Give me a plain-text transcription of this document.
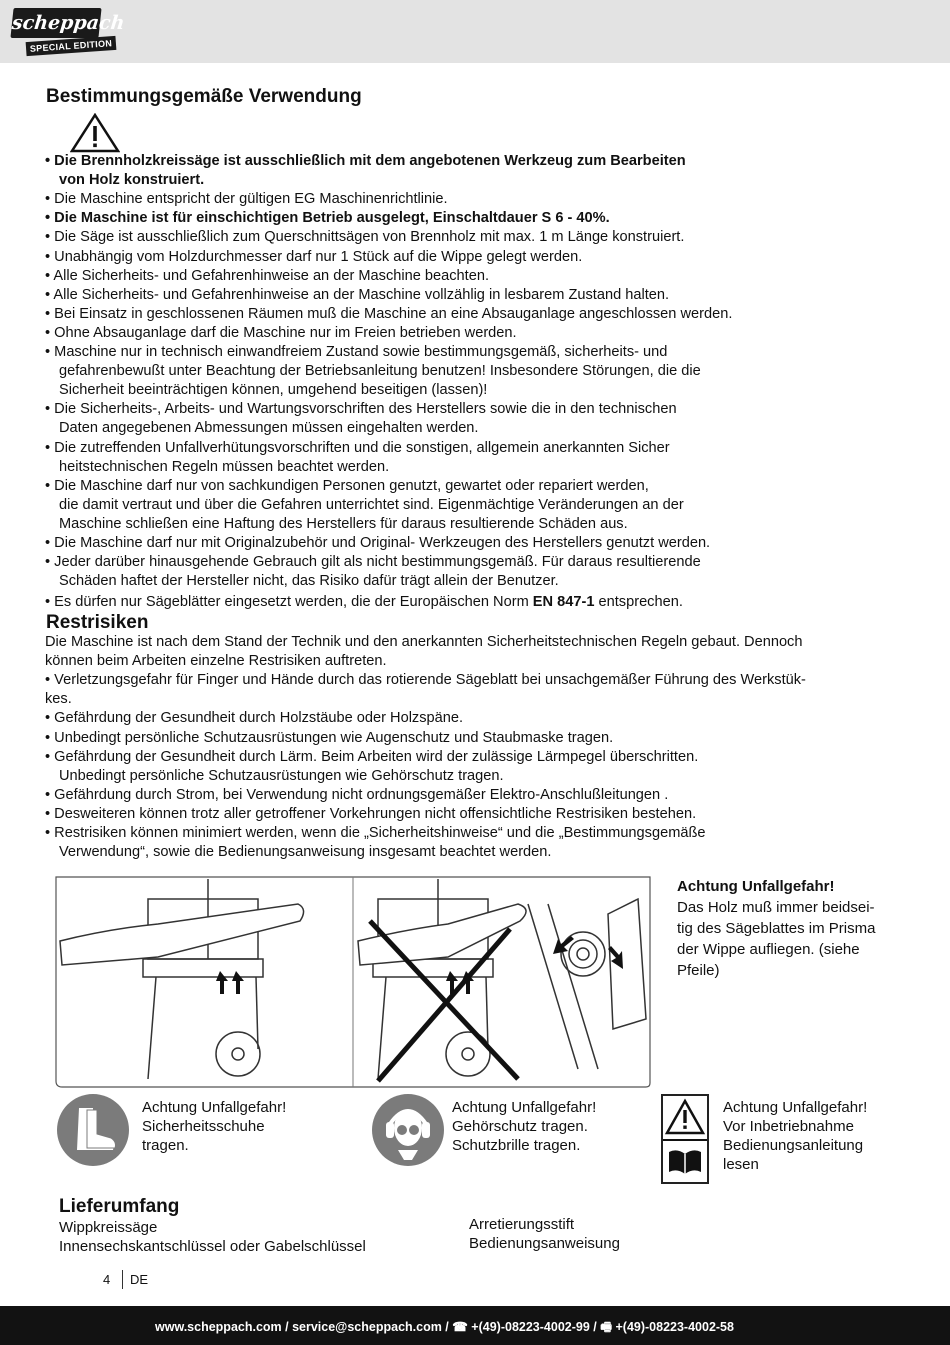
scheppach
SPECIAL EDITION
Bestimmungsgemäße Verwendung
• Die Brennholzkreissäge ist ausschließlich mit dem angebotenen Werkzeug zum Bearbeiten
von Holz konstruiert.
• Die Maschine entspricht der gültigen EG Maschinenrichtlinie.
• Die Maschine ist für einschichtigen Betrieb ausgelegt, Einschaltdauer S 6 - 40%.
• Die Säge ist ausschließlich zum Querschnittsägen von Brennholz mit max. 1 m Länge konstruiert.
• Unabhängig vom Holzdurchmesser darf nur 1 Stück auf die Wippe gelegt werden.
• Alle Sicherheits- und Gefahrenhinweise an der Maschine beachten.
• Alle Sicherheits- und Gefahrenhinweise an der Maschine vollzählig in lesbarem Zustand halten.
• Bei Einsatz in geschlossenen Räumen muß die Maschine an eine Absauganlage angeschlossen werden.
• Ohne Absauganlage darf die Maschine nur im Freien betrieben werden.
• Maschine nur in technisch einwandfreiem Zustand sowie bestimmungsgemäß, sicherheits- und
gefahrenbewußt unter Beachtung der Betriebsanleitung benutzen! Insbesondere Störungen, die die
Sicherheit beeinträchtigen können, umgehend beseitigen (lassen)!
• Die Sicherheits-, Arbeits- und Wartungsvorschriften des Herstellers sowie die in den technischen
Daten angegebenen Abmessungen müssen eingehalten werden.
• Die zutreffenden Unfallverhütungsvorschriften und die sonstigen, allgemein anerkannten Sicher
heitstechnischen Regeln müssen beachtet werden.
• Die Maschine darf nur von sachkundigen Personen genutzt, gewartet oder repariert werden,
die damit vertraut und über die Gefahren unterrichtet sind. Eigenmächtige Veränderungen an der
Maschine schließen eine Haftung des Herstellers für daraus resultierende Schäden aus.
• Die Maschine darf nur mit Originalzubehör und Original- Werkzeugen des Herstellers genutzt werden.
• Jeder darüber hinausgehende Gebrauch gilt als nicht bestimmungsgemäß. Für daraus resultierende
Schäden haftet der Hersteller nicht, das Risiko dafür trägt allein der Benutzer.
• Es dürfen nur Sägeblätter eingesetzt werden, die der Europäischen Norm EN 847-1 entsprechen.
Restrisiken
Die Maschine ist nach dem Stand der Technik und den anerkannten Sicherheitstechnischen Regeln gebaut. Dennoch
können beim Arbeiten einzelne Restrisiken auftreten.
• Verletzungsgefahr für Finger und Hände durch das rotierende Sägeblatt bei unsachgemäßer Führung des Werkstük-
kes.
• Gefährdung der Gesundheit durch Holzstäube oder Holzspäne.
• Unbedingt persönliche Schutzausrüstungen wie Augenschutz und Staubmaske tragen.
• Gefährdung der Gesundheit durch Lärm. Beim Arbeiten wird der zulässige Lärmpegel überschritten.
Unbedingt persönliche Schutzausrüstungen wie Gehörschutz tragen.
• Gefährdung durch Strom, bei Verwendung nicht ordnungsgemäßer Elektro-Anschlußleitungen .
• Desweiteren können trotz aller getroffener Vorkehrungen nicht offensichtliche Restrisiken bestehen.
• Restrisiken können minimiert werden, wenn die „Sicherheitshinweise“ und die „Bestimmungsgemäße
Verwendung“, sowie die Bedienungsanweisung insgesamt beachtet werden.
Achtung Unfallgefahr!
Das Holz muß immer beidsei-
tig des Sägeblattes im Prisma
der Wippe aufliegen. (siehe
Pfeile)
Achtung Unfallgefahr!
Sicherheitsschuhe
tragen.
Achtung Unfallgefahr!
Gehörschutz tragen.
Schutzbrille tragen.
Achtung Unfallgefahr!
Vor Inbetriebnahme
Bedienungsanleitung
lesen
Lieferumfang
Wippkreissäge
Innensechskantschlüssel oder Gabelschlüssel
Arretierungsstift
Bedienungsanweisung
4 DE
www.scheppach.com / service@scheppach.com / ☎ +(49)-08223-4002-99 / 🖷 +(49)-08223-4002-58
